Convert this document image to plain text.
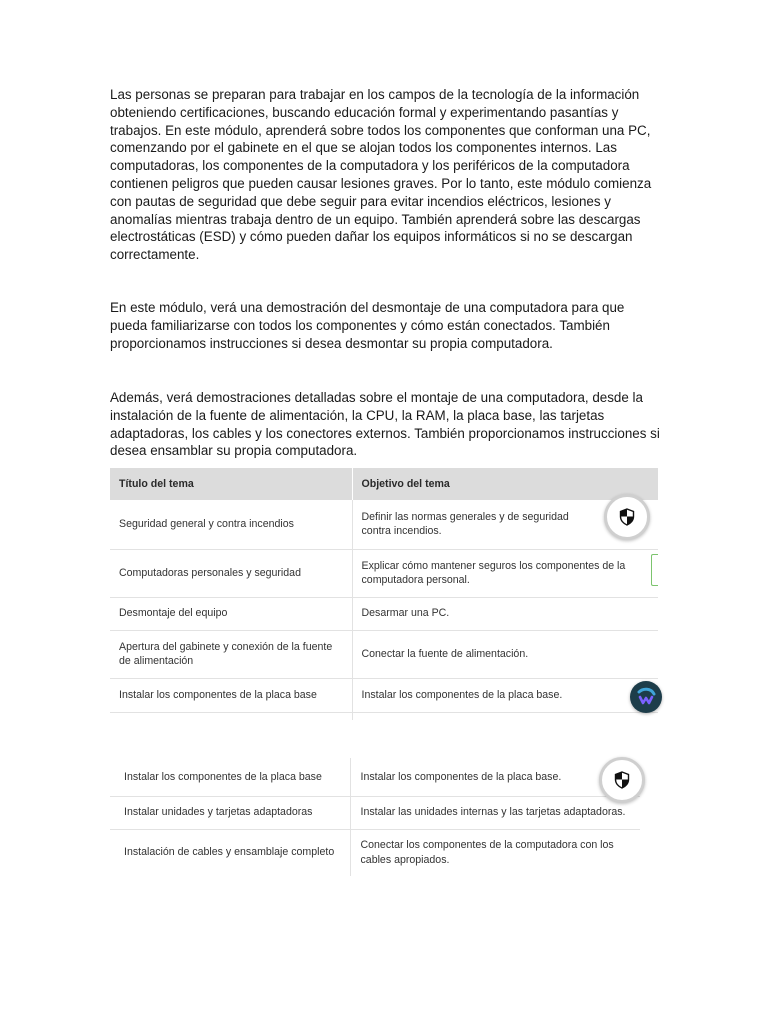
Las personas se preparan para trabajar en los campos de la tecnología de la información obteniendo certificaciones, buscando educación formal y experimentando pasantías y trabajos. En este módulo, aprenderá sobre todos los componentes que conforman una PC, comenzando por el gabinete en el que se alojan todos los componentes internos. Las computadoras, los componentes de la computadora y los periféricos de la computadora contienen peligros que pueden causar lesiones graves. Por lo tanto, este módulo comienza con pautas de seguridad que debe seguir para evitar incendios eléctricos, lesiones y anomalías mientras trabaja dentro de un equipo. También aprenderá sobre las descargas electrostáticas (ESD) y cómo pueden dañar los equipos informáticos si no se descargan correctamente.

En este módulo, verá una demostración del desmontaje de una computadora para que pueda familiarizarse con todos los componentes y cómo están conectados. También proporcionamos instrucciones si desea desmontar su propia computadora.

Además, verá demostraciones detalladas sobre el montaje de una computadora, desde la instalación de la fuente de alimentación, la CPU, la RAM, la placa base, las tarjetas adaptadoras, los cables y los conectores externos. También proporcionamos instrucciones si desea ensamblar su propia computadora.

Título del tema	Objetivo del tema
Seguridad general y contra incendios	Definir las normas generales y de seguridad contra incendios.
Computadoras personales y seguridad	Explicar cómo mantener seguros los componentes de la computadora personal.
Desmontaje del equipo	Desarmar una PC.
Apertura del gabinete y conexión de la fuente de alimentación	Conectar la fuente de alimentación.
Instalar los componentes de la placa base	Instalar los componentes de la placa base.

Instalar los componentes de la placa base	Instalar los componentes de la placa base.
Instalar unidades y tarjetas adaptadoras	Instalar las unidades internas y las tarjetas adaptadoras.
Instalación de cables y ensamblaje completo	Conectar los componentes de la computadora con los cables apropiados.
